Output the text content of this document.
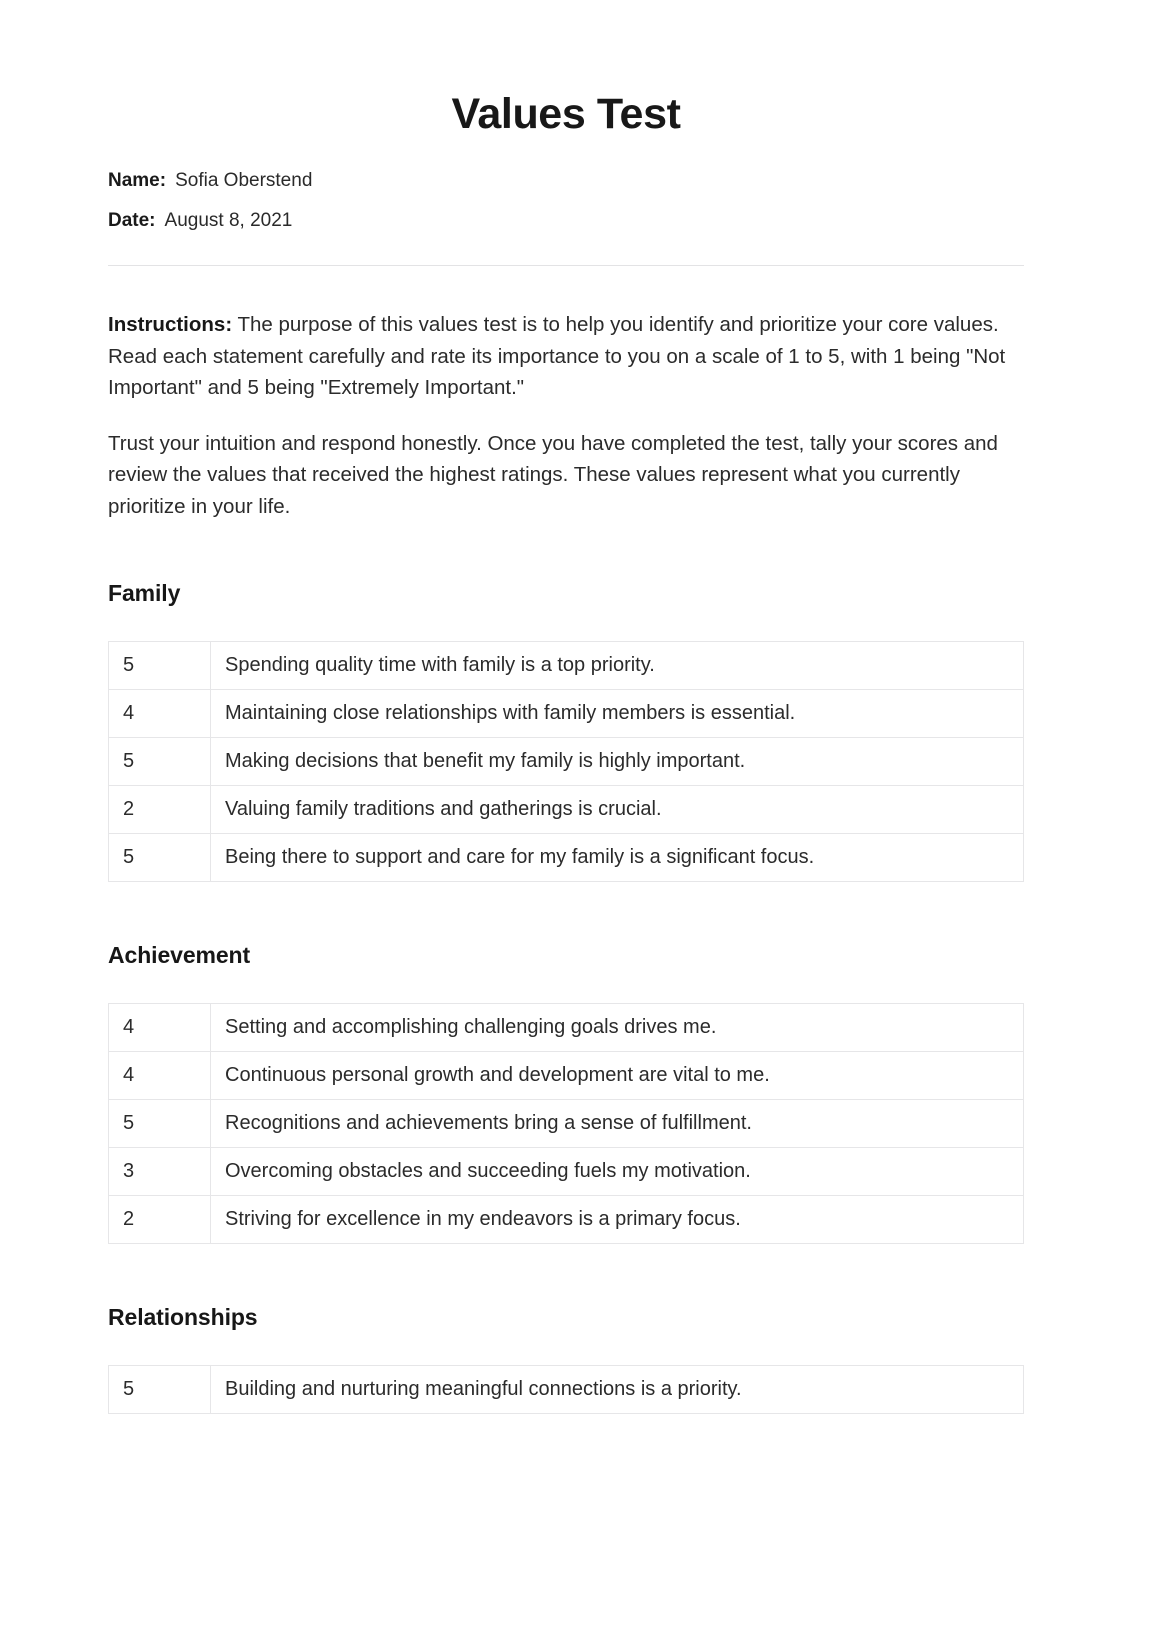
Values Test
Name: Sofia Oberstend
Date: August 8, 2021

Instructions: The purpose of this values test is to help you identify and prioritize your core values. Read each statement carefully and rate its importance to you on a scale of 1 to 5, with 1 being "Not Important" and 5 being "Extremely Important."

Trust your intuition and respond honestly. Once you have completed the test, tally your scores and review the values that received the highest ratings. These values represent what you currently prioritize in your life.

Family
5	Spending quality time with family is a top priority.
4	Maintaining close relationships with family members is essential.
5	Making decisions that benefit my family is highly important.
2	Valuing family traditions and gatherings is crucial.
5	Being there to support and care for my family is a significant focus.
Achievement
4	Setting and accomplishing challenging goals drives me.
4	Continuous personal growth and development are vital to me.
5	Recognitions and achievements bring a sense of fulfillment.
3	Overcoming obstacles and succeeding fuels my motivation.
2	Striving for excellence in my endeavors is a primary focus.
Relationships
5	Building and nurturing meaningful connections is a priority.
